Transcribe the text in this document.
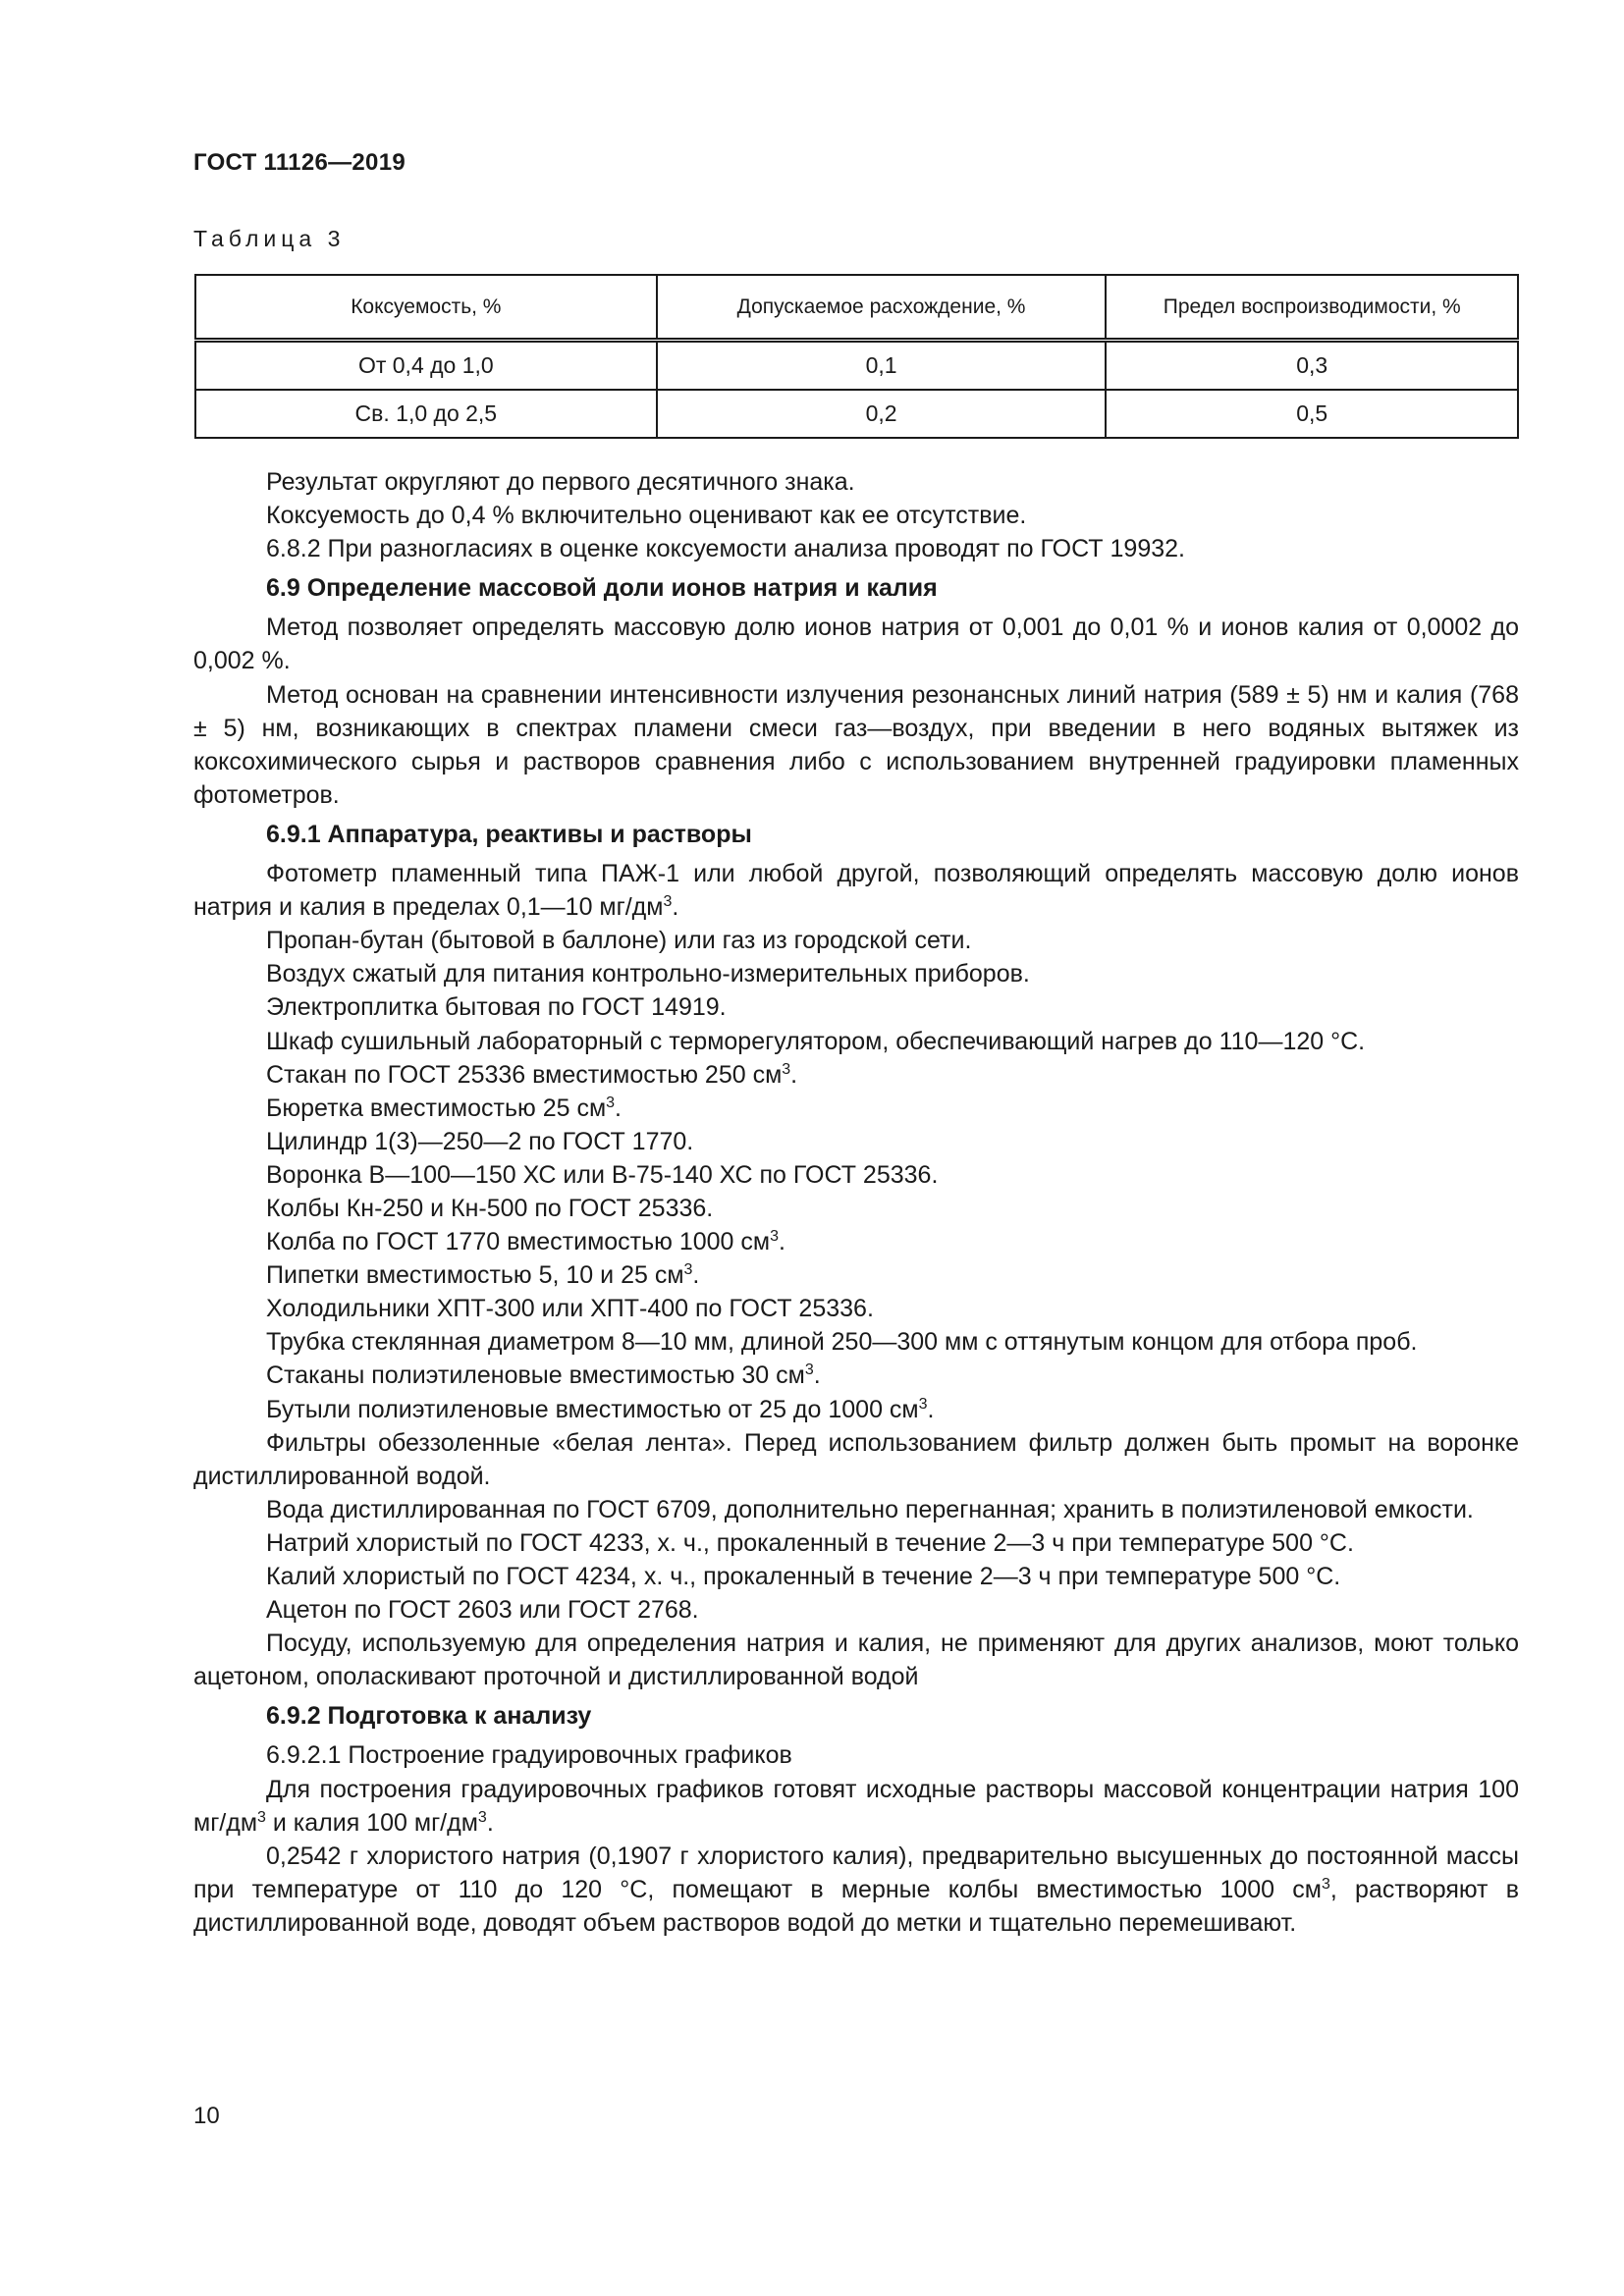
ГОСТ 11126—2019
Таблица 3
Коксуемость, %	Допускаемое расхождение, %	Предел воспроизводимости, %
От 0,4 до 1,0	0,1	0,3
Св. 1,0 до 2,5	0,2	0,5

Результат округляют до первого десятичного знака.

Коксуемость до 0,4 % включительно оценивают как ее отсутствие.

6.8.2 При разногласиях в оценке коксуемости анализа проводят по ГОСТ 19932.

6.9 Определение массовой доли ионов натрия и калия

Метод позволяет определять массовую долю ионов натрия от 0,001 до 0,01 % и ионов калия от 0,0002 до 0,002 %.

Метод основан на сравнении интенсивности излучения резонансных линий натрия (589 ± 5) нм и калия (768 ± 5) нм, возникающих в спектрах пламени смеси газ—воздух, при введении в него водяных вытяжек из коксохимического сырья и растворов сравнения либо с использованием внутренней градуировки пламенных фотометров.

6.9.1 Аппаратура, реактивы и растворы

Фотометр пламенный типа ПАЖ-1 или любой другой, позволяющий определять массовую долю ионов натрия и калия в пределах 0,1—10 $мг/дм^3$.

Пропан-бутан (бытовой в баллоне) или газ из городской сети.

Воздух сжатый для питания контрольно-измерительных приборов.

Электроплитка бытовая по ГОСТ 14919.

Шкаф сушильный лабораторный с терморегулятором, обеспечивающий нагрев до 110—120 °С.

Стакан по ГОСТ 25336 вместимостью 250 $см^3$.

Бюретка вместимостью 25 $см^3$.

Цилиндр 1(3)—250—2 по ГОСТ 1770.

Воронка В—100—150 ХС или В-75-140 ХС по ГОСТ 25336.

Колбы Кн-250 и Кн-500 по ГОСТ 25336.

Колба по ГОСТ 1770 вместимостью 1000 $см^3$.

Пипетки вместимостью 5, 10 и 25 $см^3$.

Холодильники ХПТ-300 или ХПТ-400 по ГОСТ 25336.

Трубка стеклянная диаметром 8—10 мм, длиной 250—300 мм с оттянутым концом для отбора проб.

Стаканы полиэтиленовые вместимостью 30 $см^3$.

Бутыли полиэтиленовые вместимостью от 25 до 1000 $см^3$.

Фильтры обеззоленные «белая лента». Перед использованием фильтр должен быть промыт на воронке дистиллированной водой.

Вода дистиллированная по ГОСТ 6709, дополнительно перегнанная; хранить в полиэтиленовой емкости.

Натрий хлористый по ГОСТ 4233, х. ч., прокаленный в течение 2—3 ч при температуре 500 °С.

Калий хлористый по ГОСТ 4234, х. ч., прокаленный в течение 2—3 ч при температуре 500 °С.

Ацетон по ГОСТ 2603 или ГОСТ 2768.

Посуду, используемую для определения натрия и калия, не применяют для других анализов, моют только ацетоном, ополаскивают проточной и дистиллированной водой

6.9.2 Подготовка к анализу

6.9.2.1 Построение градуировочных графиков

Для построения градуировочных графиков готовят исходные растворы массовой концентрации натрия 100 $мг/дм^3$ и калия 100 $мг/дм^3$.

0,2542 г хлористого натрия (0,1907 г хлористого калия), предварительно высушенных до постоянной массы при температуре от 110 до 120 °С, помещают в мерные колбы вместимостью 1000 $см^3$, растворяют в дистиллированной воде, доводят объем растворов водой до метки и тщательно перемешивают.

10
